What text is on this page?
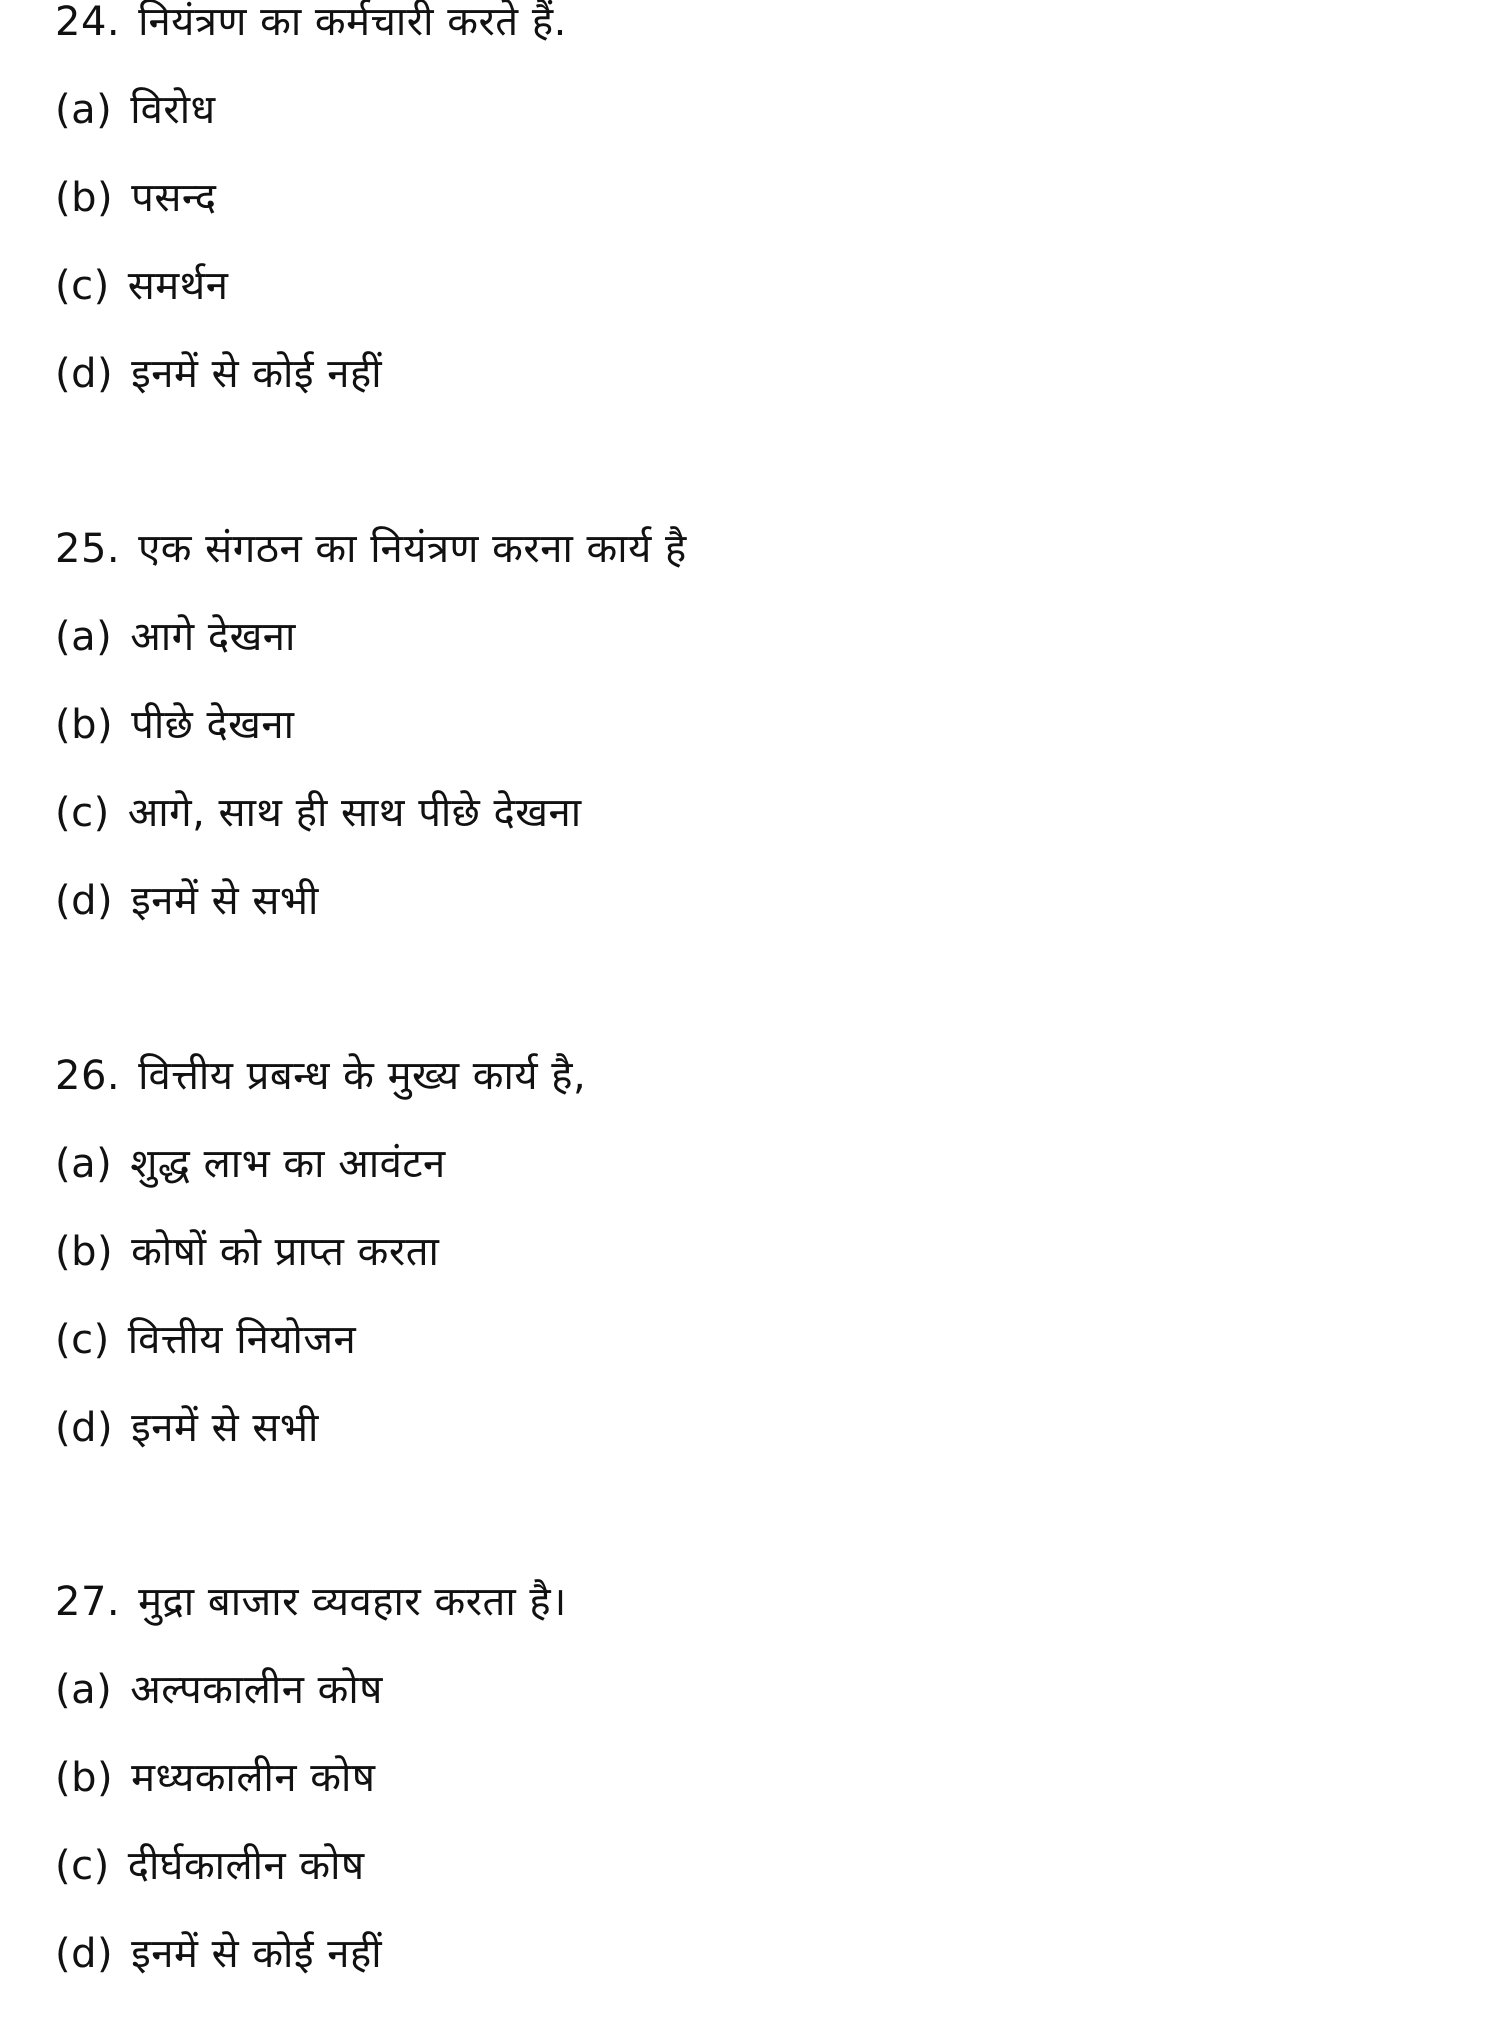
24. नियंत्रण का कर्मचारी करते हैं.
(a) विरोध
(b) पसन्द
(c) समर्थन
(d) इनमें से कोई नहीं
25. एक संगठन का नियंत्रण करना कार्य है
(a) आगे देखना
(b) पीछे देखना
(c) आगे, साथ ही साथ पीछे देखना
(d) इनमें से सभी
26. वित्तीय प्रबन्ध के मुख्य कार्य है,
(a) शुद्ध लाभ का आवंटन
(b) कोषों को प्राप्त करता
(c) वित्तीय नियोजन
(d) इनमें से सभी
27. मुद्रा बाजार व्यवहार करता है।
(a) अल्पकालीन कोष
(b) मध्यकालीन कोष
(c) दीर्घकालीन कोष
(d) इनमें से कोई नहीं
